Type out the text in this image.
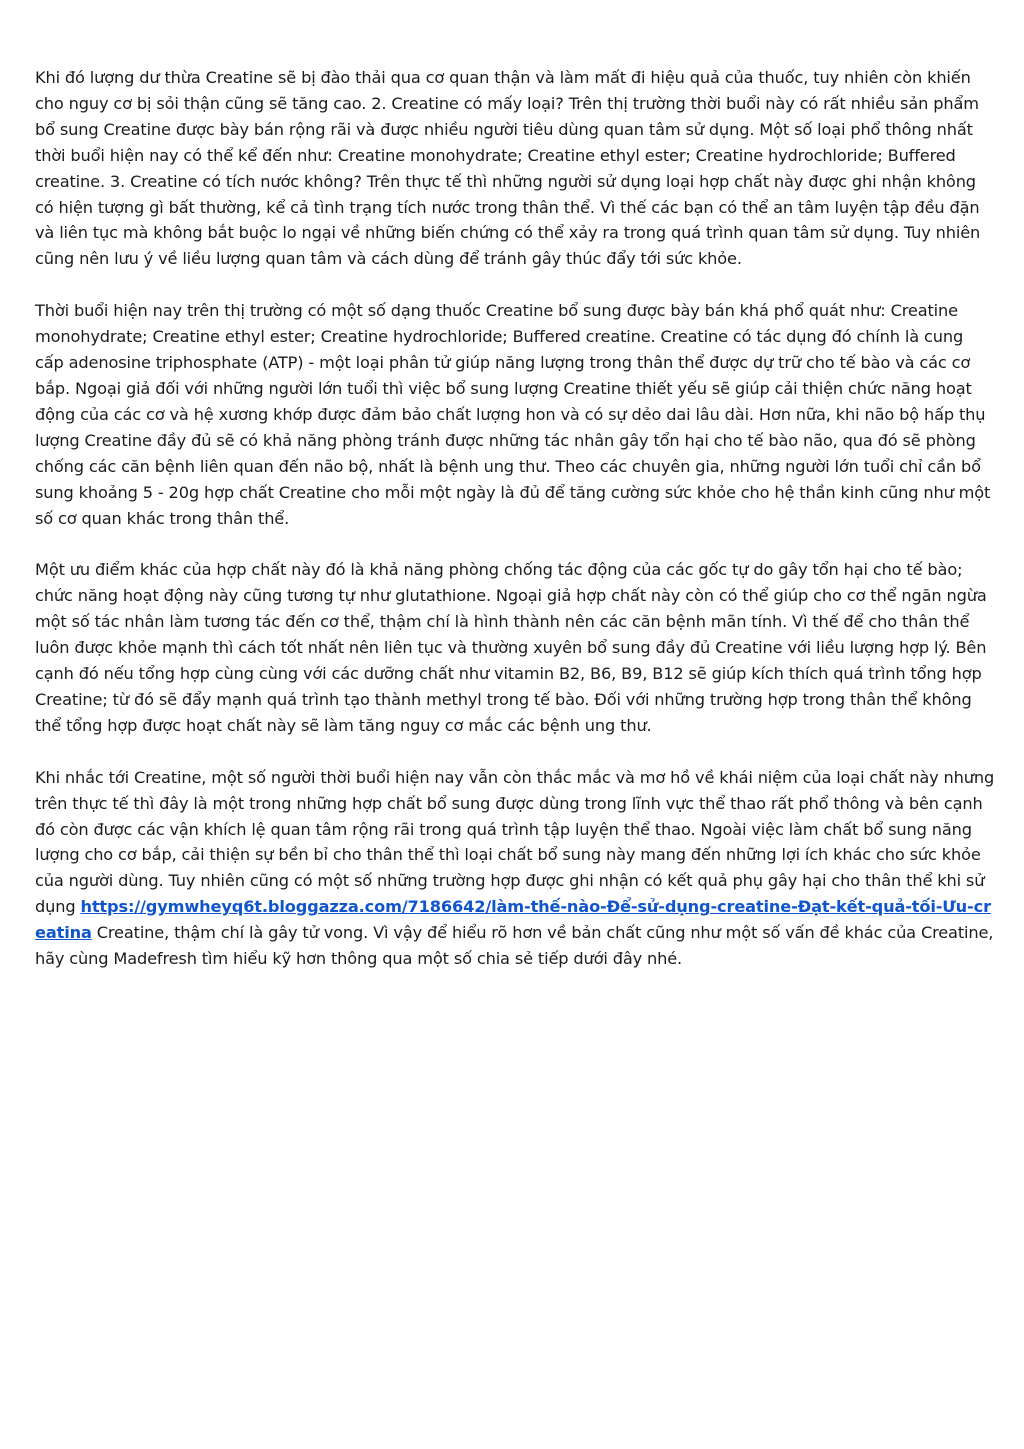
Khi đó lượng dư thừa Creatine sẽ bị đào thải qua cơ quan thận và làm mất đi hiệu quả của thuốc, tuy nhiên còn khiến cho nguy cơ bị sỏi thận cũng sẽ tăng cao. 2. Creatine có mấy loại? Trên thị trường thời buổi này có rất nhiều sản phẩm bổ sung Creatine được bày bán rộng rãi và được nhiều người tiêu dùng quan tâm sử dụng. Một số loại phổ thông nhất thời buổi hiện nay có thể kể đến như: Creatine monohydrate; Creatine ethyl ester; Creatine hydrochloride; Buffered creatine. 3. Creatine có tích nước không? Trên thực tế thì những người sử dụng loại hợp chất này được ghi nhận không có hiện tượng gì bất thường, kể cả tình trạng tích nước trong thân thể. Vì thế các bạn có thể an tâm luyện tập đều đặn và liên tục mà không bắt buộc lo ngại về những biến chứng có thể xảy ra trong quá trình quan tâm sử dụng. Tuy nhiên cũng nên lưu ý về liều lượng quan tâm và cách dùng để tránh gây thúc đẩy tới sức khỏe.

Thời buổi hiện nay trên thị trường có một số dạng thuốc Creatine bổ sung được bày bán khá phổ quát như: Creatine monohydrate; Creatine ethyl ester; Creatine hydrochloride; Buffered creatine. Creatine có tác dụng đó chính là cung cấp adenosine triphosphate (ATP) - một loại phân tử giúp năng lượng trong thân thể được dự trữ cho tế bào và các cơ bắp. Ngoại giả đối với những người lớn tuổi thì việc bổ sung lượng Creatine thiết yếu sẽ giúp cải thiện chức năng hoạt động của các cơ và hệ xương khớp được đảm bảo chất lượng hon và có sự dẻo dai lâu dài. Hơn nữa, khi não bộ hấp thụ lượng Creatine đầy đủ sẽ có khả năng phòng tránh được những tác nhân gây tổn hại cho tế bào não, qua đó sẽ phòng chống các căn bệnh liên quan đến não bộ, nhất là bệnh ung thư. Theo các chuyên gia, những người lớn tuổi chỉ cần bổ sung khoảng 5 - 20g hợp chất Creatine cho mỗi một ngày là đủ để tăng cường sức khỏe cho hệ thần kinh cũng như một số cơ quan khác trong thân thể.

Một ưu điểm khác của hợp chất này đó là khả năng phòng chống tác động của các gốc tự do gây tổn hại cho tế bào; chức năng hoạt động này cũng tương tự như glutathione. Ngoại giả hợp chất này còn có thể giúp cho cơ thể ngăn ngừa một số tác nhân làm tương tác đến cơ thể, thậm chí là hình thành nên các căn bệnh mãn tính. Vì thế để cho thân thể luôn được khỏe mạnh thì cách tốt nhất nên liên tục và thường xuyên bổ sung đầy đủ Creatine với liều lượng hợp lý. Bên cạnh đó nếu tổng hợp cùng cùng với các dưỡng chất như vitamin B2, B6, B9, B12 sẽ giúp kích thích quá trình tổng hợp Creatine; từ đó sẽ đẩy mạnh quá trình tạo thành methyl trong tế bào. Đối với những trường hợp trong thân thể không thể tổng hợp được hoạt chất này sẽ làm tăng nguy cơ mắc các bệnh ung thư.

Khi nhắc tới Creatine, một số người thời buổi hiện nay vẫn còn thắc mắc và mơ hồ về khái niệm của loại chất này nhưng trên thực tế thì đây là một trong những hợp chất bổ sung được dùng trong lĩnh vực thể thao rất phổ thông và bên cạnh đó còn được các vận khích lệ quan tâm rộng rãi trong quá trình tập luyện thể thao. Ngoài việc làm chất bổ sung năng lượng cho cơ bắp, cải thiện sự bền bỉ cho thân thể thì loại chất bổ sung này mang đến những lợi ích khác cho sức khỏe của người dùng. Tuy nhiên cũng có một số những trường hợp được ghi nhận có kết quả phụ gây hại cho thân thể khi sử dụng https://gymwheyq6t.bloggazza.com/7186642/làm-thế-nào-Để-sử-dụng-creatine-Đạt-kết-quả-tối-Ưu-creatina Creatine, thậm chí là gây tử vong. Vì vậy để hiểu rõ hơn về bản chất cũng như một số vấn đề khác của Creatine, hãy cùng Madefresh tìm hiểu kỹ hơn thông qua một số chia sẻ tiếp dưới đây nhé.
